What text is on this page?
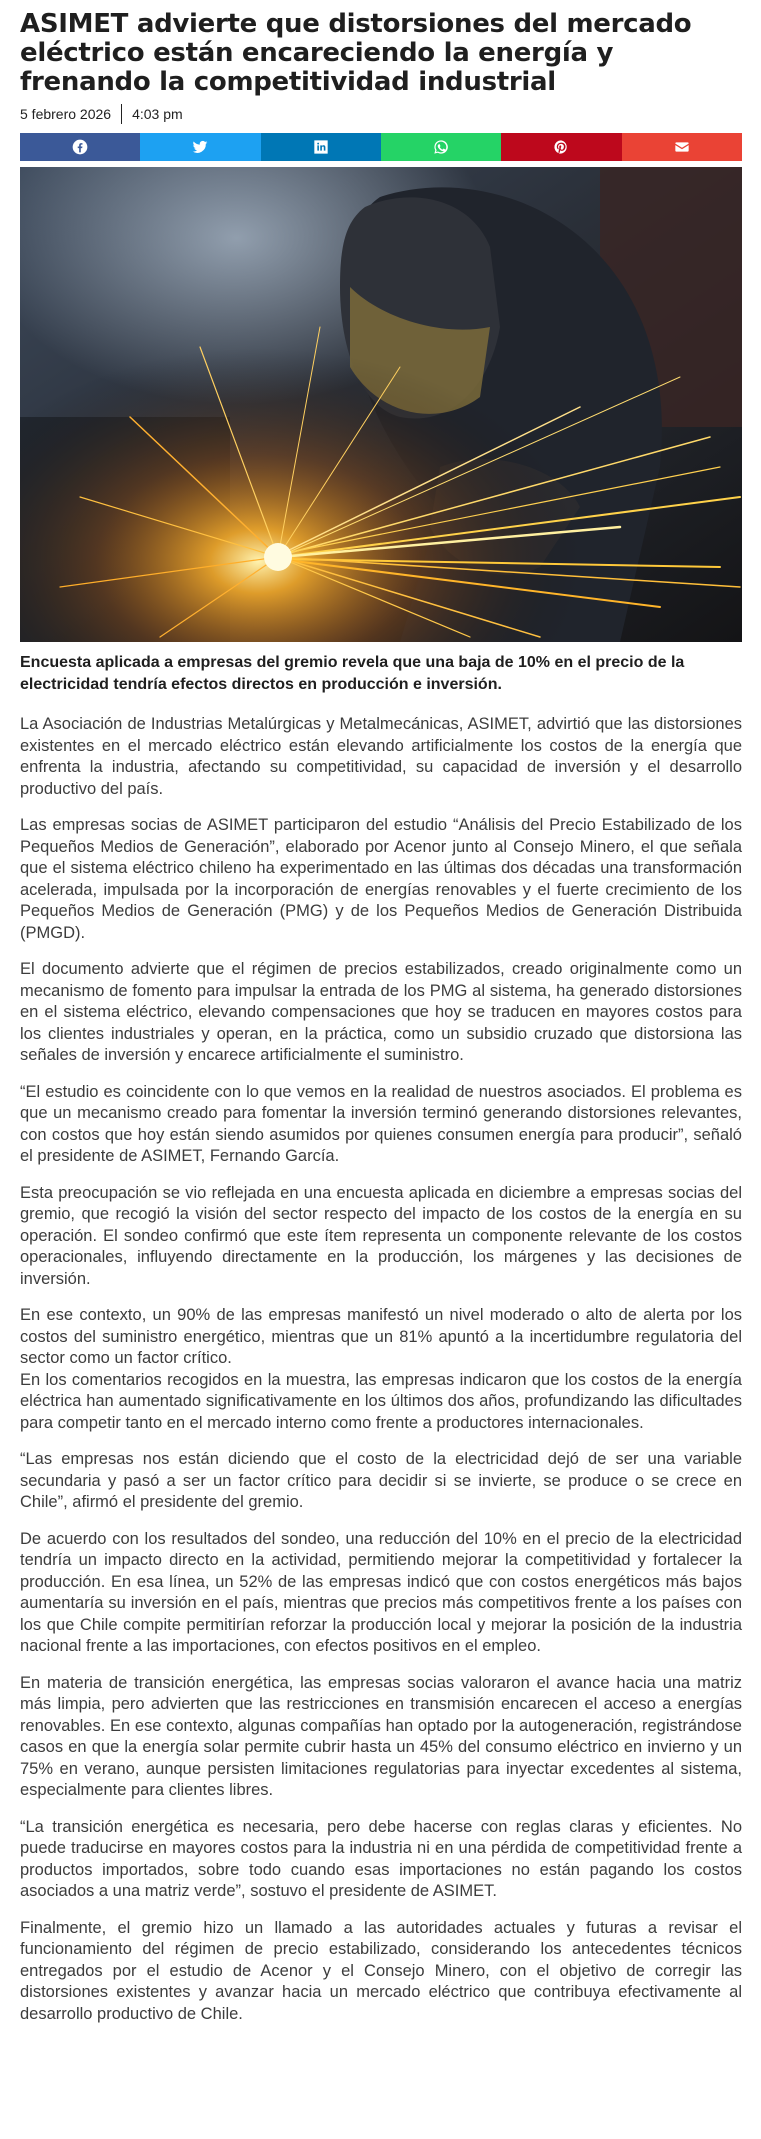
ASIMET advierte que distorsiones del mercado eléctrico están encareciendo la energía y frenando la competitividad industrial
5 febrero 2026 4:03 pm
Encuesta aplicada a empresas del gremio revela que una baja de 10% en el precio de la electricidad tendría efectos directos en producción e inversión.

La Asociación de Industrias Metalúrgicas y Metalmecánicas, ASIMET, advirtió que las distorsiones existentes en el mercado eléctrico están elevando artificialmente los costos de la energía que enfrenta la industria, afectando su competitividad, su capacidad de inversión y el desarrollo productivo del país.

Las empresas socias de ASIMET participaron del estudio “Análisis del Precio Estabilizado de los Pequeños Medios de Generación”, elaborado por Acenor junto al Consejo Minero, el que señala que el sistema eléctrico chileno ha experimentado en las últimas dos décadas una transformación acelerada, impulsada por la incorporación de energías renovables y el fuerte crecimiento de los Pequeños Medios de Generación (PMG) y de los Pequeños Medios de Generación Distribuida (PMGD).

El documento advierte que el régimen de precios estabilizados, creado originalmente como un mecanismo de fomento para impulsar la entrada de los PMG al sistema, ha generado distorsiones en el sistema eléctrico, elevando compensaciones que hoy se traducen en mayores costos para los clientes industriales y operan, en la práctica, como un subsidio cruzado que distorsiona las señales de inversión y encarece artificialmente el suministro.

“El estudio es coincidente con lo que vemos en la realidad de nuestros asociados. El problema es que un mecanismo creado para fomentar la inversión terminó generando distorsiones relevantes, con costos que hoy están siendo asumidos por quienes consumen energía para producir”, señaló el presidente de ASIMET, Fernando García.

Esta preocupación se vio reflejada en una encuesta aplicada en diciembre a empresas socias del gremio, que recogió la visión del sector respecto del impacto de los costos de la energía en su operación. El sondeo confirmó que este ítem representa un componente relevante de los costos operacionales, influyendo directamente en la producción, los márgenes y las decisiones de inversión.

En ese contexto, un 90% de las empresas manifestó un nivel moderado o alto de alerta por los costos del suministro energético, mientras que un 81% apuntó a la incertidumbre regulatoria del sector como un factor crítico.

En los comentarios recogidos en la muestra, las empresas indicaron que los costos de la energía eléctrica han aumentado significativamente en los últimos dos años, profundizando las dificultades para competir tanto en el mercado interno como frente a productores internacionales.

“Las empresas nos están diciendo que el costo de la electricidad dejó de ser una variable secundaria y pasó a ser un factor crítico para decidir si se invierte, se produce o se crece en Chile”, afirmó el presidente del gremio.

De acuerdo con los resultados del sondeo, una reducción del 10% en el precio de la electricidad tendría un impacto directo en la actividad, permitiendo mejorar la competitividad y fortalecer la producción. En esa línea, un 52% de las empresas indicó que con costos energéticos más bajos aumentaría su inversión en el país, mientras que precios más competitivos frente a los países con los que Chile compite permitirían reforzar la producción local y mejorar la posición de la industria nacional frente a las importaciones, con efectos positivos en el empleo.

En materia de transición energética, las empresas socias valoraron el avance hacia una matriz más limpia, pero advierten que las restricciones en transmisión encarecen el acceso a energías renovables. En ese contexto, algunas compañías han optado por la autogeneración, registrándose casos en que la energía solar permite cubrir hasta un 45% del consumo eléctrico en invierno y un 75% en verano, aunque persisten limitaciones regulatorias para inyectar excedentes al sistema, especialmente para clientes libres.

“La transición energética es necesaria, pero debe hacerse con reglas claras y eficientes. No puede traducirse en mayores costos para la industria ni en una pérdida de competitividad frente a productos importados, sobre todo cuando esas importaciones no están pagando los costos asociados a una matriz verde”, sostuvo el presidente de ASIMET.

Finalmente, el gremio hizo un llamado a las autoridades actuales y futuras a revisar el funcionamiento del régimen de precio estabilizado, considerando los antecedentes técnicos entregados por el estudio de Acenor y el Consejo Minero, con el objetivo de corregir las distorsiones existentes y avanzar hacia un mercado eléctrico que contribuya efectivamente al desarrollo productivo de Chile.
